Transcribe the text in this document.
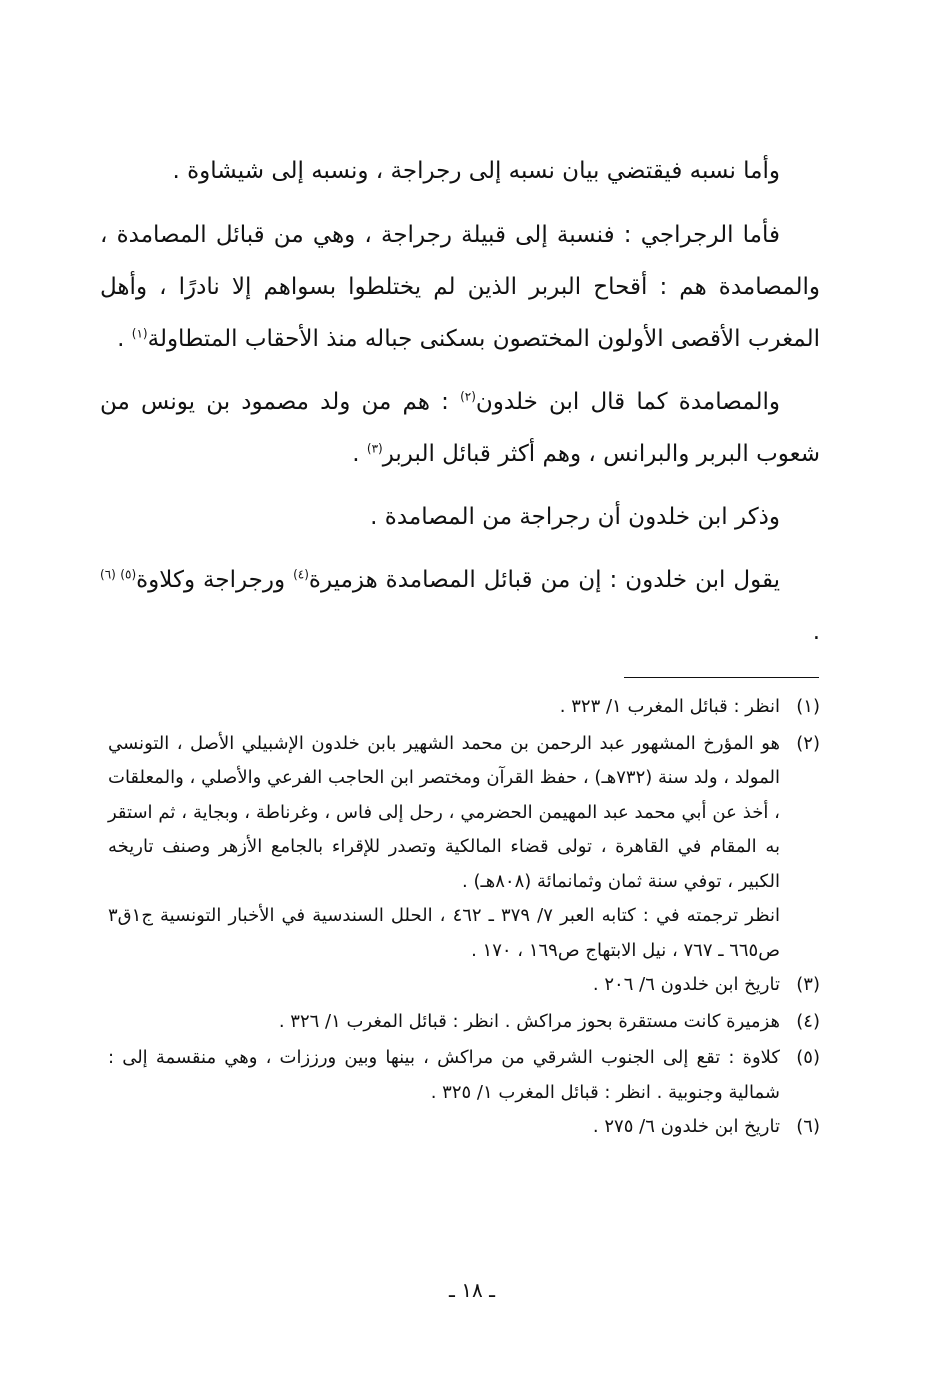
وأما نسبه فيقتضي بيان نسبه إلى رجراجة ، ونسبه إلى شيشاوة .

فأما الرجراجي : فنسبة إلى قبيلة رجراجة ، وهي من قبائل المصامدة ، والمصامدة هم : أقحاح البربر الذين لم يختلطوا بسواهم إلا نادرًا ، وأهل المغرب الأقصى الأولون المختصون بسكنى جباله منذ الأحقاب المتطاولة$^{(١)}$ .

والمصامدة كما قال ابن خلدون$^{(٢)}$ : هم من ولد مصمود بن يونس من شعوب البربر والبرانس ، وهم أكثر قبائل البربر$^{(٣)}$ .

وذكر ابن خلدون أن رجراجة من المصامدة .

يقول ابن خلدون : إن من قبائل المصامدة هزميرة$^{(٤)}$ ورجراجة وكلاوة$^{(٥) (٦)}$ .

(١)
انظر : قبائل المغرب ١/ ٣٢٣ .
(٢)
هو المؤرخ المشهور عبد الرحمن بن محمد الشهير بابن خلدون الإشبيلي الأصل ، التونسي المولد ، ولد سنة (٧٣٢هـ) ، حفظ القرآن ومختصر ابن الحاجب الفرعي والأصلي ، والمعلقات ، أخذ عن أبي محمد عبد المهيمن الحضرمي ، رحل إلى فاس ، وغرناطة ، وبجاية ، ثم استقر به المقام في القاهرة ، تولى قضاء المالكية وتصدر للإقراء بالجامع الأزهر وصنف تاريخه الكبير ، توفي سنة ثمان وثمانمائة (٨٠٨هـ) .
انظر ترجمته في : كتابه العبر ٧/ ٣٧٩ ـ ٤٦٢ ، الحلل السندسية في الأخبار التونسية ج١ق٣ ص٦٦٥ ـ ٧٦٧ ، نيل الابتهاج ص١٦٩ ، ١٧٠ .
(٣)
تاريخ ابن خلدون ٦/ ٢٠٦ .
(٤)
هزميرة كانت مستقرة بحوز مراكش . انظر : قبائل المغرب ١/ ٣٢٦ .
(٥)
كلاوة : تقع إلى الجنوب الشرقي من مراكش ، بينها وبين ورززات ، وهي منقسمة إلى : شمالية وجنوبية . انظر : قبائل المغرب ١/ ٣٢٥ .
(٦)
تاريخ ابن خلدون ٦/ ٢٧٥ .
ـ ١٨ ـ
